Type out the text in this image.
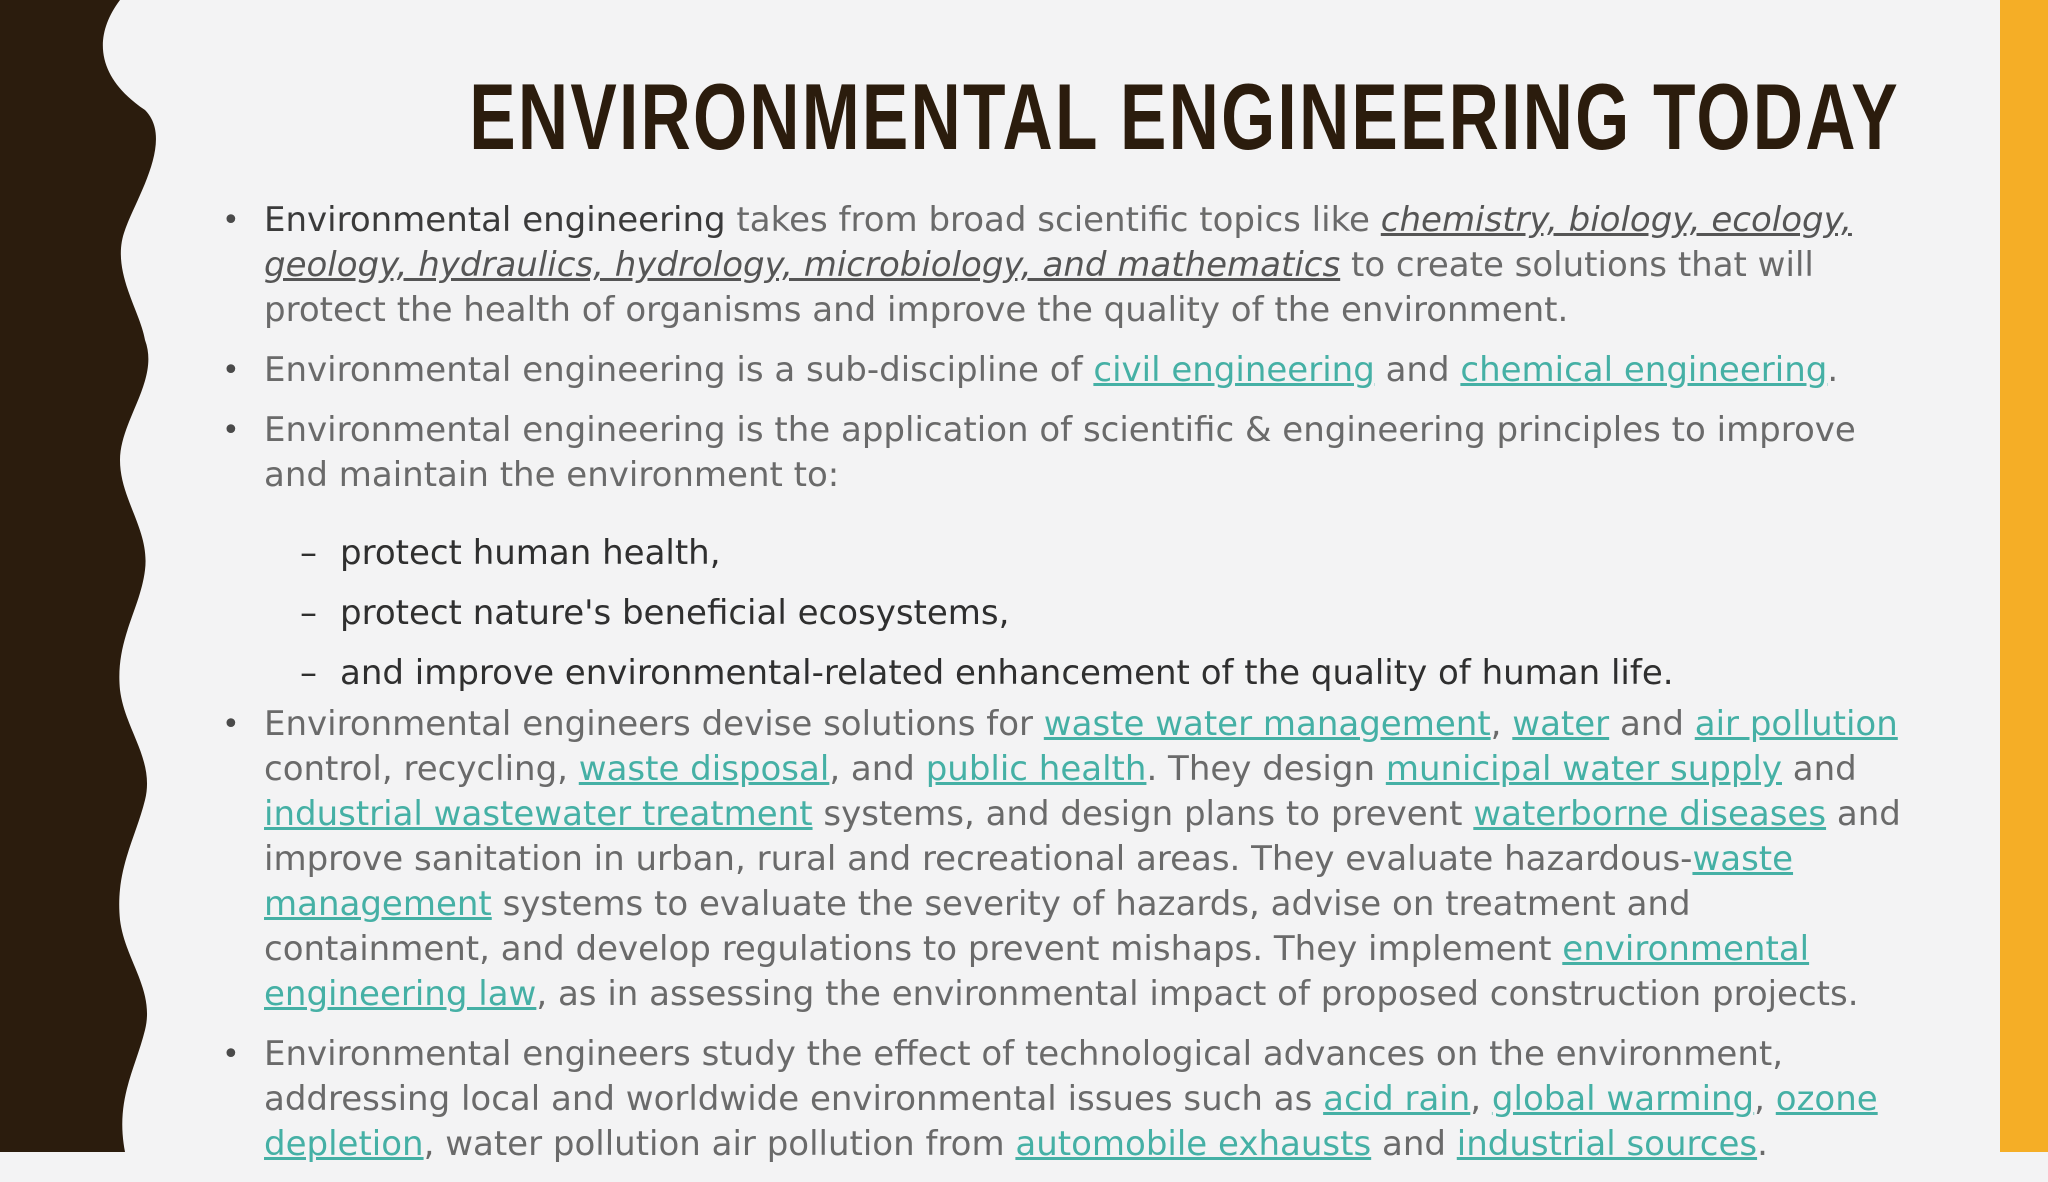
ENVIRONMENTAL ENGINEERING TODAY

• Environmental engineering takes from broad scientific topics like chemistry, biology, ecology, geology, hydraulics, hydrology, microbiology, and mathematics to create solutions that will protect the health of organisms and improve the quality of the environment.

• Environmental engineering is a sub-discipline of civil engineering and chemical engineering.

• Environmental engineering is the application of scientific & engineering principles to improve and maintain the environment to:

– protect human health,

– protect nature's beneficial ecosystems,

– and improve environmental-related enhancement of the quality of human life.

• Environmental engineers devise solutions for waste water management, water and air pollution control, recycling, waste disposal, and public health. They design municipal water supply and industrial wastewater treatment systems, and design plans to prevent waterborne diseases and improve sanitation in urban, rural and recreational areas. They evaluate hazardous-waste management systems to evaluate the severity of hazards, advise on treatment and containment, and develop regulations to prevent mishaps. They implement environmental engineering law, as in assessing the environmental impact of proposed construction projects.

• Environmental engineers study the effect of technological advances on the environment, addressing local and worldwide environmental issues such as acid rain, global warming, ozone depletion, water pollution air pollution from automobile exhausts and industrial sources.
